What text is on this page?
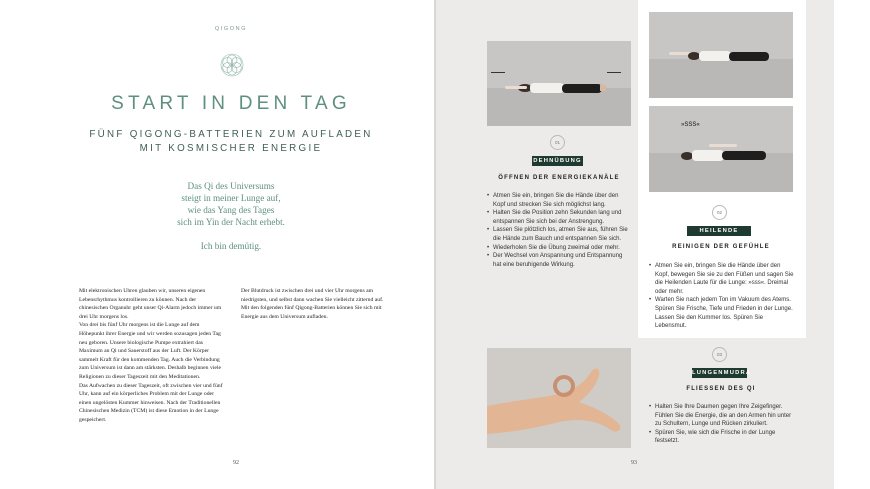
QIGONG
START IN DEN TAG
FÜNF QIGONG-BATTERIEN ZUM AUFLADEN
MIT KOSMISCHER ENERGIE
Das Qi des Universums
steigt in meiner Lunge auf,
wie das Yang des Tages
sich im Yin der Nacht erhebt.
Ich bin demütig.
Mit elektronischen Uhren glauben wir, unseren eigenen Lebensrhythmus kontrollieren zu können. Nach der chinesischen Organuhr geht unser Qi-Alarm jedoch immer um drei Uhr morgens los.
Von drei bis fünf Uhr morgens ist die Lunge auf dem Höhepunkt ihrer Energie und wir werden sozusagen jeden Tag neu geboren. Unsere biologische Pumpe extrahiert das Maximum an Qi und Sauerstoff aus der Luft. Der Körper sammelt Kraft für den kommenden Tag. Auch die Verbindung zum Universum ist dann am stärksten. Deshalb beginnen viele Religionen zu dieser Tageszeit mit den Meditationen.
Das Aufwachen zu dieser Tageszeit, oft zwischen vier und fünf Uhr, kann auf ein körperliches Problem mit der Lunge oder einen ungelösten Kummer hinweisen. Nach der Traditionellen Chinesischen Medizin (TCM) ist diese Emotion in der Lunge gespeichert.
Der Blutdruck ist zwischen drei und vier Uhr morgens am niedrigsten, und selbst dann wachen Sie vielleicht zitternd auf.
Mit den folgenden fünf Qigong-Batterien können Sie sich mit Energie aus dem Universum aufladen.
92
01
DEHNÜBUNG
ÖFFNEN DER ENERGIEKANÄLE
• Atmen Sie ein, bringen Sie die Hände über den Kopf und strecken Sie sich möglichst lang.
• Halten Sie die Position zehn Sekunden lang und entspannen Sie sich bei der Anstrengung.
• Lassen Sie plötzlich los, atmen Sie aus, führen Sie die Hände zum Bauch und entspannen Sie sich.
• Wiederholen Sie die Übung zweimal oder mehr.
• Der Wechsel von Anspannung und Entspannung hat eine beruhigende Wirkung.
»SSS«
02
HEILENDE KLÄNGE
REINIGEN DER GEFÜHLE
• Atmen Sie ein, bringen Sie die Hände über den Kopf, bewegen Sie sie zu den Füßen und sagen Sie die Heilenden Laute für die Lunge: »sss«. Dreimal oder mehr.
• Warten Sie nach jedem Ton im Vakuum des Atems. Spüren Sie Frische, Tiefe und Frieden in der Lunge. Lassen Sie den Kummer los. Spüren Sie Lebensmut.
03
LUNGENMUDRA
FLIESSEN DES QI
• Halten Sie Ihre Daumen gegen Ihre Zeigefinger. Fühlen Sie die Energie, die an den Armen hin unter zu Schultern, Lunge und Rücken zirkuliert.
• Spüren Sie, wie sich die Frische in der Lunge festsetzt.
93
